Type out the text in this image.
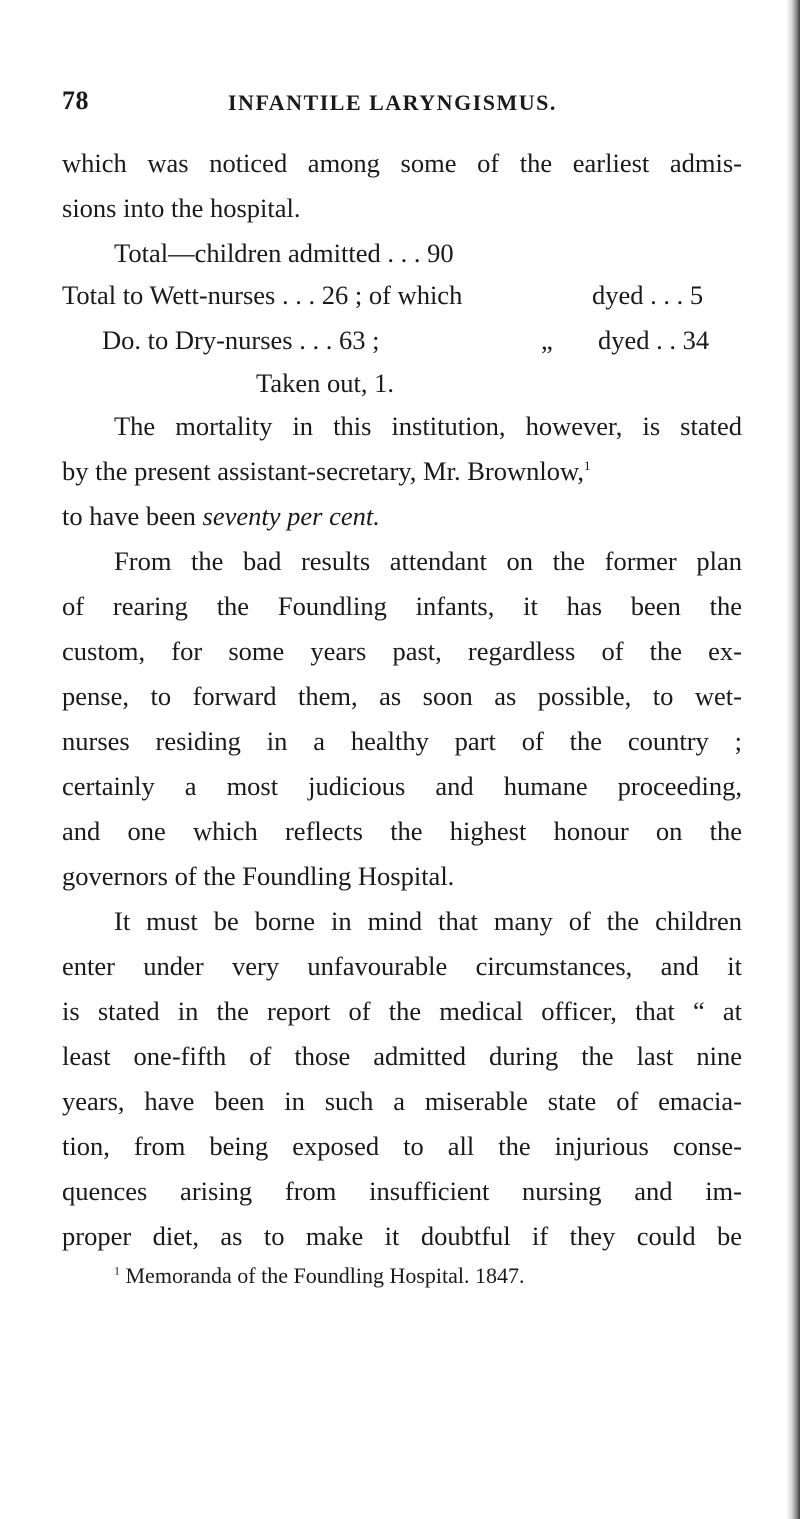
78	INFANTILE LARYNGISMUS.
which was noticed among some of the earliest admis-
sions into the hospital.
Total—children admitted . . . 90
Total to Wett-nurses . . . 26 ; of which	dyed . . . 5
Do. to Dry-nurses . . . 63 ;	„ dyed . . 34
Taken out, 1.
The mortality in this institution, however, is stated
by the present assistant-secretary, Mr. Brownlow,$^1$
to have been seventy per cent.
From the bad results attendant on the former plan
of rearing the Foundling infants, it has been the
custom, for some years past, regardless of the ex-
pense, to forward them, as soon as possible, to wet-
nurses residing in a healthy part of the country ;
certainly a most judicious and humane proceeding,
and one which reflects the highest honour on the
governors of the Foundling Hospital.
It must be borne in mind that many of the children
enter under very unfavourable circumstances, and it
is stated in the report of the medical officer, that “ at
least one-fifth of those admitted during the last nine
years, have been in such a miserable state of emacia-
tion, from being exposed to all the injurious conse-
quences arising from insufficient nursing and im-
proper diet, as to make it doubtful if they could be
$^1$ Memoranda of the Foundling Hospital. 1847.
